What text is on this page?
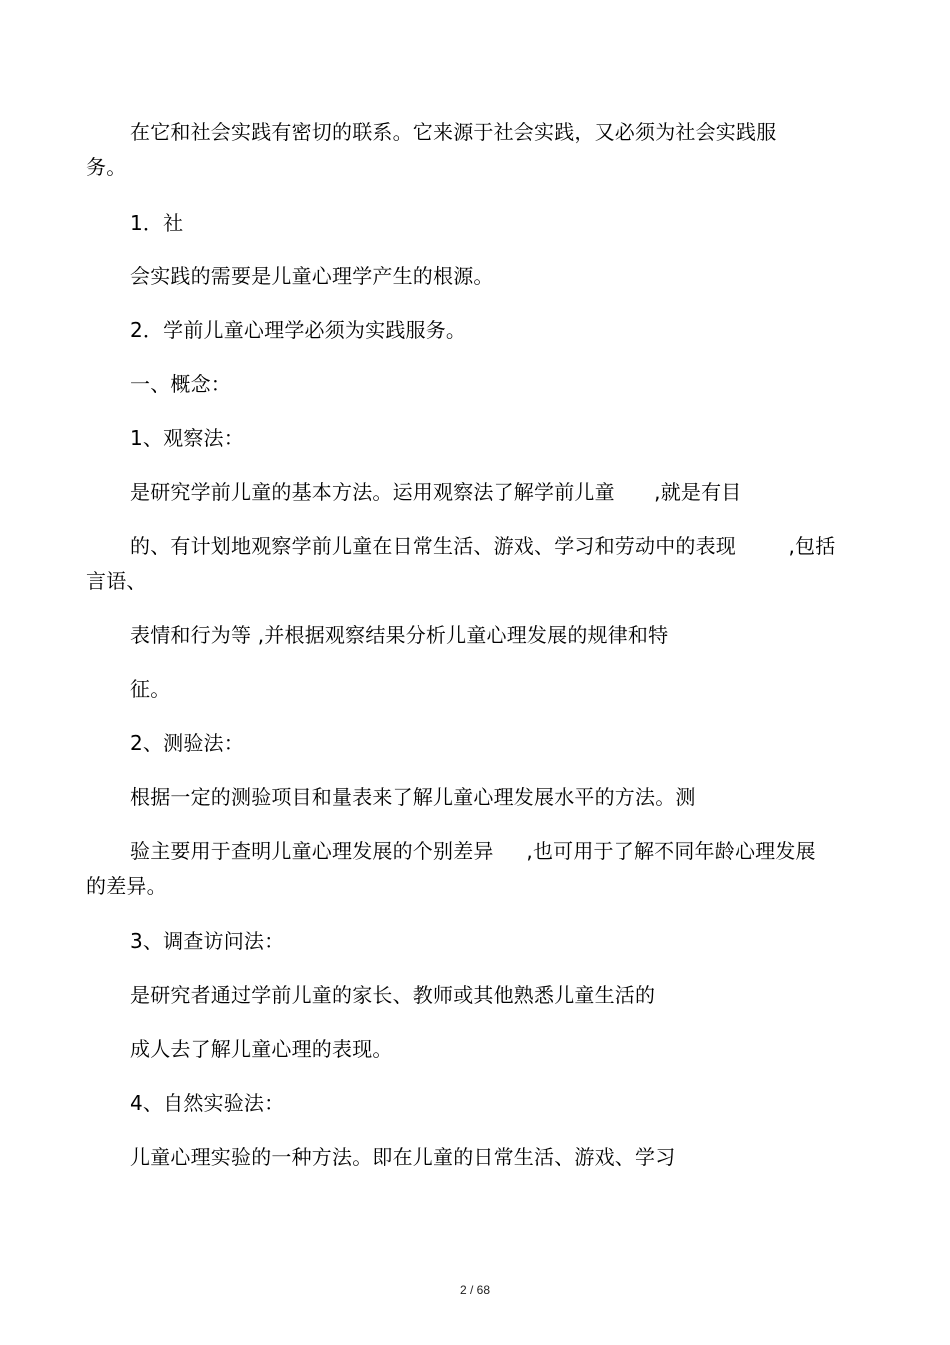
在它和社会实践有密切的联系。它来源于社会实践，又必须为社会实践服
务。
1．社
会实践的需要是儿童心理学产生的根源。
2．学前儿童心理学必须为实践服务。
一、概念：
1、观察法：
是研究学前儿童的基本方法。运用观察法了解学前儿童      ,就是有目
的、有计划地观察学前儿童在日常生活、游戏、学习和劳动中的表现        ,包括
言语、
表情和行为等 ,并根据观察结果分析儿童心理发展的规律和特
征。
2、测验法：
根据一定的测验项目和量表来了解儿童心理发展水平的方法。测
验主要用于查明儿童心理发展的个别差异     ,也可用于了解不同年龄心理发展
的差异。
3、调查访问法：
是研究者通过学前儿童的家长、教师或其他熟悉儿童生活的
成人去了解儿童心理的表现。
4、自然实验法：
儿童心理实验的一种方法。即在儿童的日常生活、游戏、学习
2 / 68
